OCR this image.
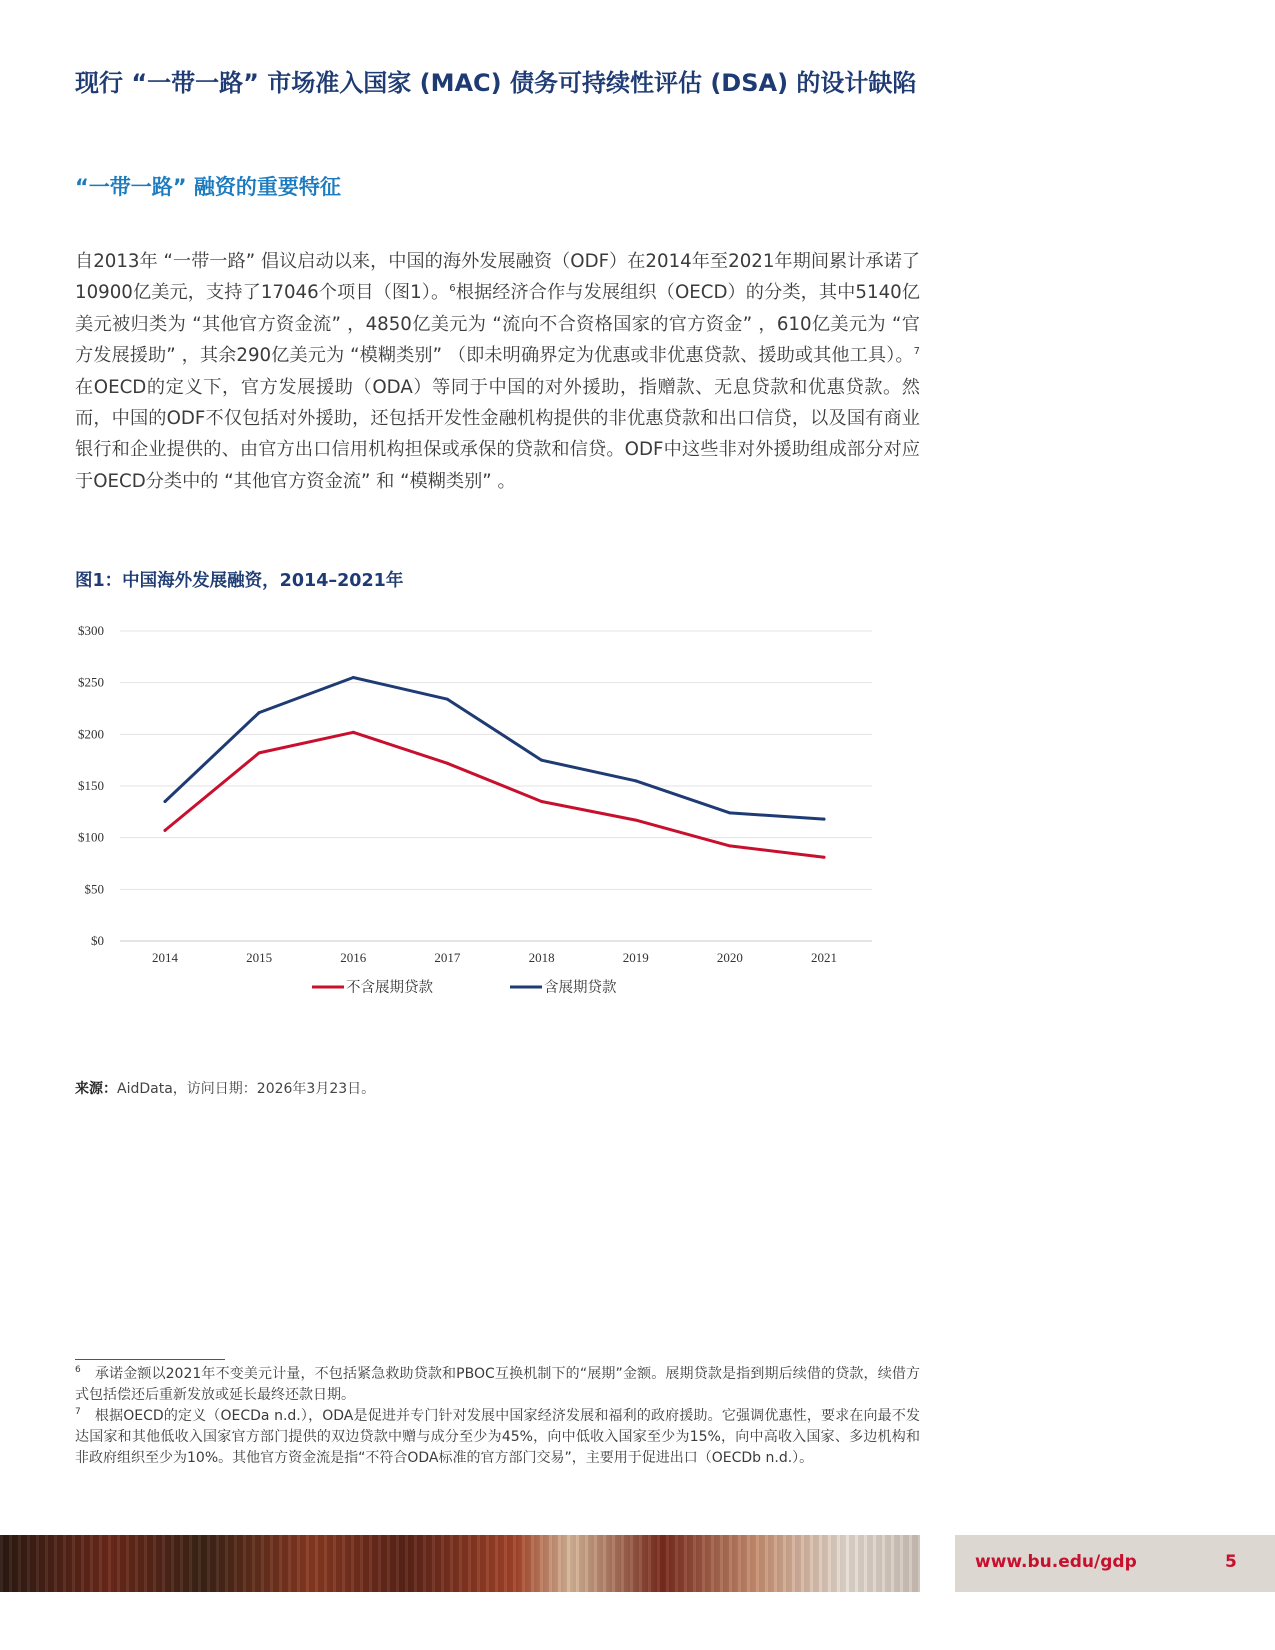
现行 “一带一路” 市场准入国家 (MAC) 债务可持续性评估 (DSA) 的设计缺陷
“一带一路” 融资的重要特征

自2013年 “一带一路” 倡议启动以来，中国的海外发展融资（ODF）在2014年至2021年期间累计承诺了10900亿美元，支持了17046个项目（图1）。$^6$根据经济合作与发展组织（OECD）的分类，其中5140亿美元被归类为 “其他官方资金流” ，4850亿美元为 “流向不合资格国家的官方资金” ，610亿美元为 “官方发展援助” ，其余290亿美元为 “模糊类别” （即未明确界定为优惠或非优惠贷款、援助或其他工具）。$^7$在OECD的定义下，官方发展援助（ODA）等同于中国的对外援助，指赠款、无息贷款和优惠贷款。然而，中国的ODF不仅包括对外援助，还包括开发性金融机构提供的非优惠贷款和出口信贷，以及国有商业银行和企业提供的、由官方出口信用机构担保或承保的贷款和信贷。ODF中这些非对外援助组成部分对应于OECD分类中的 “其他官方资金流” 和 “模糊类别” 。

图1：中国海外发展融资，2014–2021年
$0
$50
$100
$150
$200
$250
$300
2014	2015	2016	2017	2018	2019	2020	2021
不含展期贷款	含展期贷款
来源：AidData，访问日期：2026年3月23日。
$^6$ 承诺金额以2021年不变美元计量，不包括紧急救助贷款和PBOC互换机制下的“展期”金额。展期贷款是指到期后续借的贷款，续借方式包括偿还后重新发放或延长最终还款日期。
$^7$ 根据OECD的定义（OECDa n.d.），ODA是促进并专门针对发展中国家经济发展和福利的政府援助。它强调优惠性，要求在向最不发达国家和其他低收入国家官方部门提供的双边贷款中赠与成分至少为45%，向中低收入国家至少为15%，向中高收入国家、多边机构和非政府组织至少为10%。其他官方资金流是指“不符合ODA标准的官方部门交易”，主要用于促进出口（OECDb n.d.）。
www.bu.edu/gdp	5
